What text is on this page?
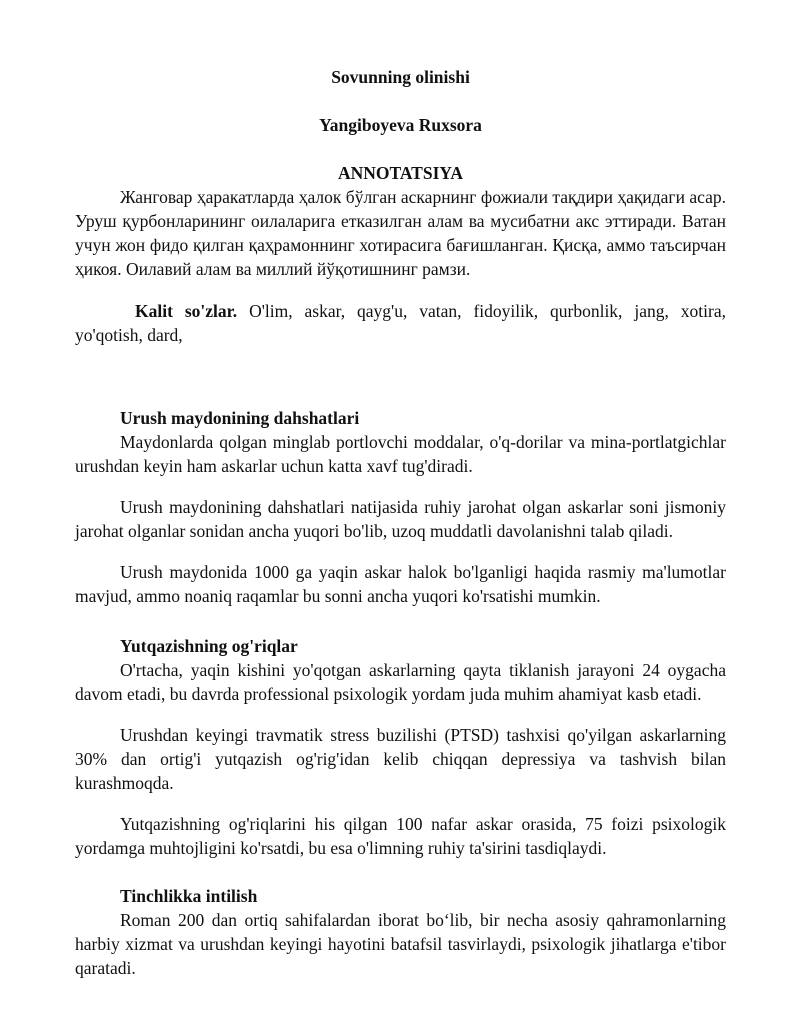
Sovunning olinishi
Yangiboyeva Ruxsora
ANNOTATSIYA

Жанговар ҳаракатларда ҳалок бўлган аскарнинг фожиали тақдири ҳақидаги асар. Уруш қурбонларининг оилаларига етказилган алам ва мусибатни акс эттиради. Ватан учун жон фидо қилган қаҳрамоннинг хотирасига бағишланган. Қисқа, аммо таъсирчан ҳикоя. Оилавий алам ва миллий йўқотишнинг рамзи.

Kalit so'zlar. O'lim, askar, qayg'u, vatan, fidoyilik, qurbonlik, jang, xotira, yo'qotish, dard,

Urush maydonining dahshatlari

Maydonlarda qolgan minglab portlovchi moddalar, o'q-dorilar va mina-portlatgichlar urushdan keyin ham askarlar uchun katta xavf tug'diradi.

Urush maydonining dahshatlari natijasida ruhiy jarohat olgan askarlar soni jismoniy jarohat olganlar sonidan ancha yuqori bo'lib, uzoq muddatli davolanishni talab qiladi.

Urush maydonida 1000 ga yaqin askar halok bo'lganligi haqida rasmiy ma'lumotlar mavjud, ammo noaniq raqamlar bu sonni ancha yuqori ko'rsatishi mumkin.

Yutqazishning og'riqlar

O'rtacha, yaqin kishini yo'qotgan askarlarning qayta tiklanish jarayoni 24 oygacha davom etadi, bu davrda professional psixologik yordam juda muhim ahamiyat kasb etadi.

Urushdan keyingi travmatik stress buzilishi (PTSD) tashxisi qo'yilgan askarlarning 30% dan ortig'i yutqazish og'rig'idan kelib chiqqan depressiya va tashvish bilan kurashmoqda.

Yutqazishning og'riqlarini his qilgan 100 nafar askar orasida, 75 foizi psixologik yordamga muhtojligini ko'rsatdi, bu esa o'limning ruhiy ta'sirini tasdiqlaydi.

Tinchlikka intilish

Roman 200 dan ortiq sahifalardan iborat bo‘lib, bir necha asosiy qahramonlarning harbiy xizmat va urushdan keyingi hayotini batafsil tasvirlaydi, psixologik jihatlarga e'tibor qaratadi.
